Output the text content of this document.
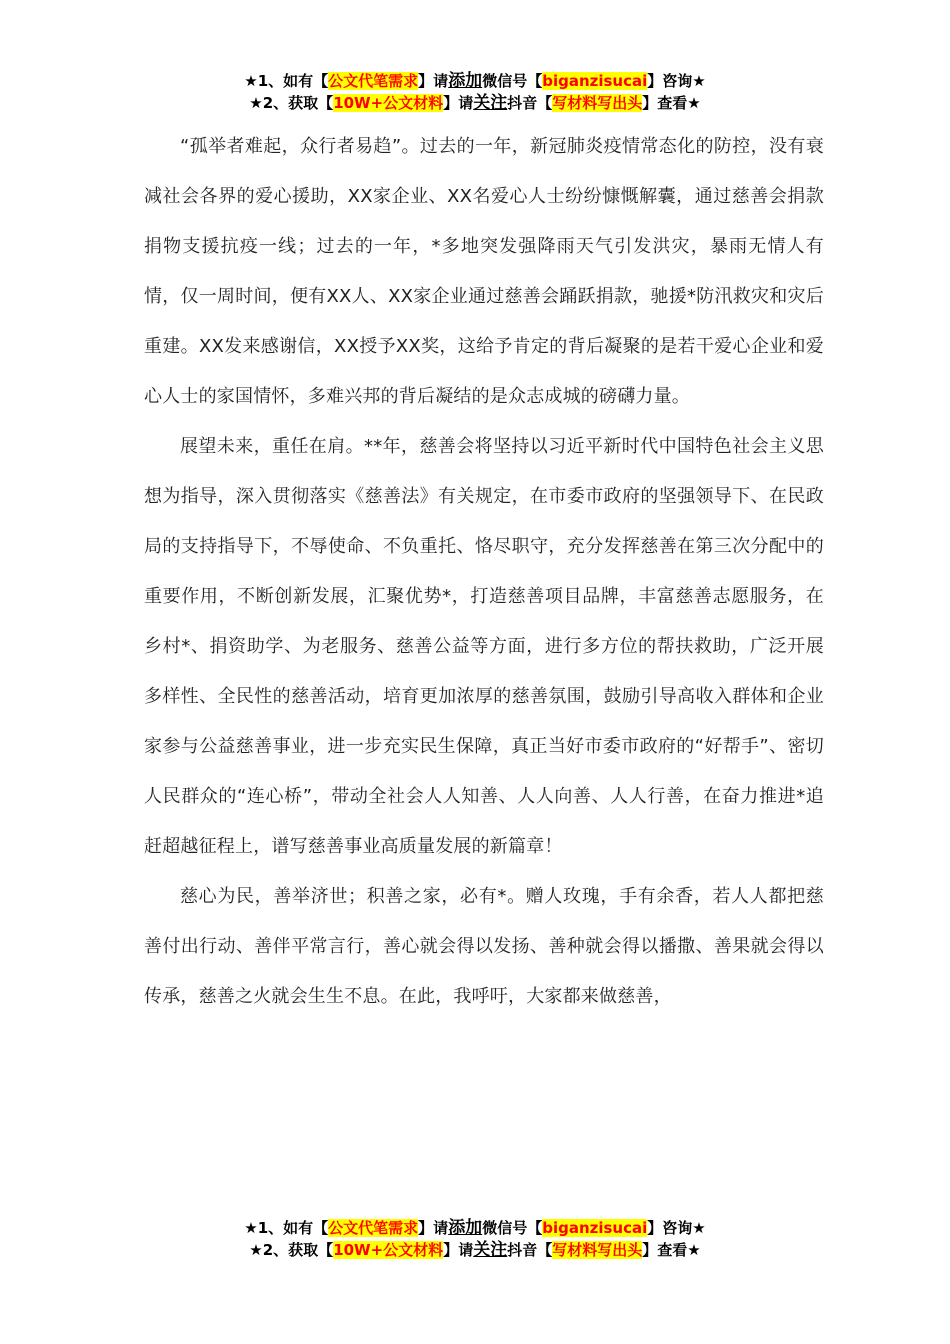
★1、如有【公文代笔需求】请添加微信号【biganzisucai】咨询★
★2、获取【10W+公文材料】请关注抖音【写材料写出头】查看★

“孤举者难起，众行者易趋”。过去的一年，新冠肺炎疫情常态化的防控，没有衰减社会各界的爱心援助，XX家企业、XX名爱心人士纷纷慷慨解囊，通过慈善会捐款捐物支援抗疫一线；过去的一年，*多地突发强降雨天气引发洪灾，暴雨无情人有情，仅一周时间，便有XX人、XX家企业通过慈善会踊跃捐款，驰援*防汛救灾和灾后重建。XX发来感谢信，XX授予XX奖，这给予肯定的背后凝聚的是若干爱心企业和爱心人士的家国情怀，多难兴邦的背后凝结的是众志成城的磅礴力量。

展望未来，重任在肩。**年，慈善会将坚持以习近平新时代中国特色社会主义思想为指导，深入贯彻落实《慈善法》有关规定，在市委市政府的坚强领导下、在民政局的支持指导下，不辱使命、不负重托、恪尽职守，充分发挥慈善在第三次分配中的重要作用，不断创新发展，汇聚优势*，打造慈善项目品牌，丰富慈善志愿服务，在乡村*、捐资助学、为老服务、慈善公益等方面，进行多方位的帮扶救助，广泛开展多样性、全民性的慈善活动，培育更加浓厚的慈善氛围，鼓励引导高收入群体和企业家参与公益慈善事业，进一步充实民生保障，真正当好市委市政府的“好帮手”、密切人民群众的“连心桥”，带动全社会人人知善、人人向善、人人行善，在奋力推进*追赶超越征程上，谱写慈善事业高质量发展的新篇章！

慈心为民，善举济世；积善之家，必有*。赠人玫瑰，手有余香，若人人都把慈善付出行动、善伴平常言行，善心就会得以发扬、善种就会得以播撒、善果就会得以传承，慈善之火就会生生不息。在此，我呼吁，大家都来做慈善，

★1、如有【公文代笔需求】请添加微信号【biganzisucai】咨询★
★2、获取【10W+公文材料】请关注抖音【写材料写出头】查看★
